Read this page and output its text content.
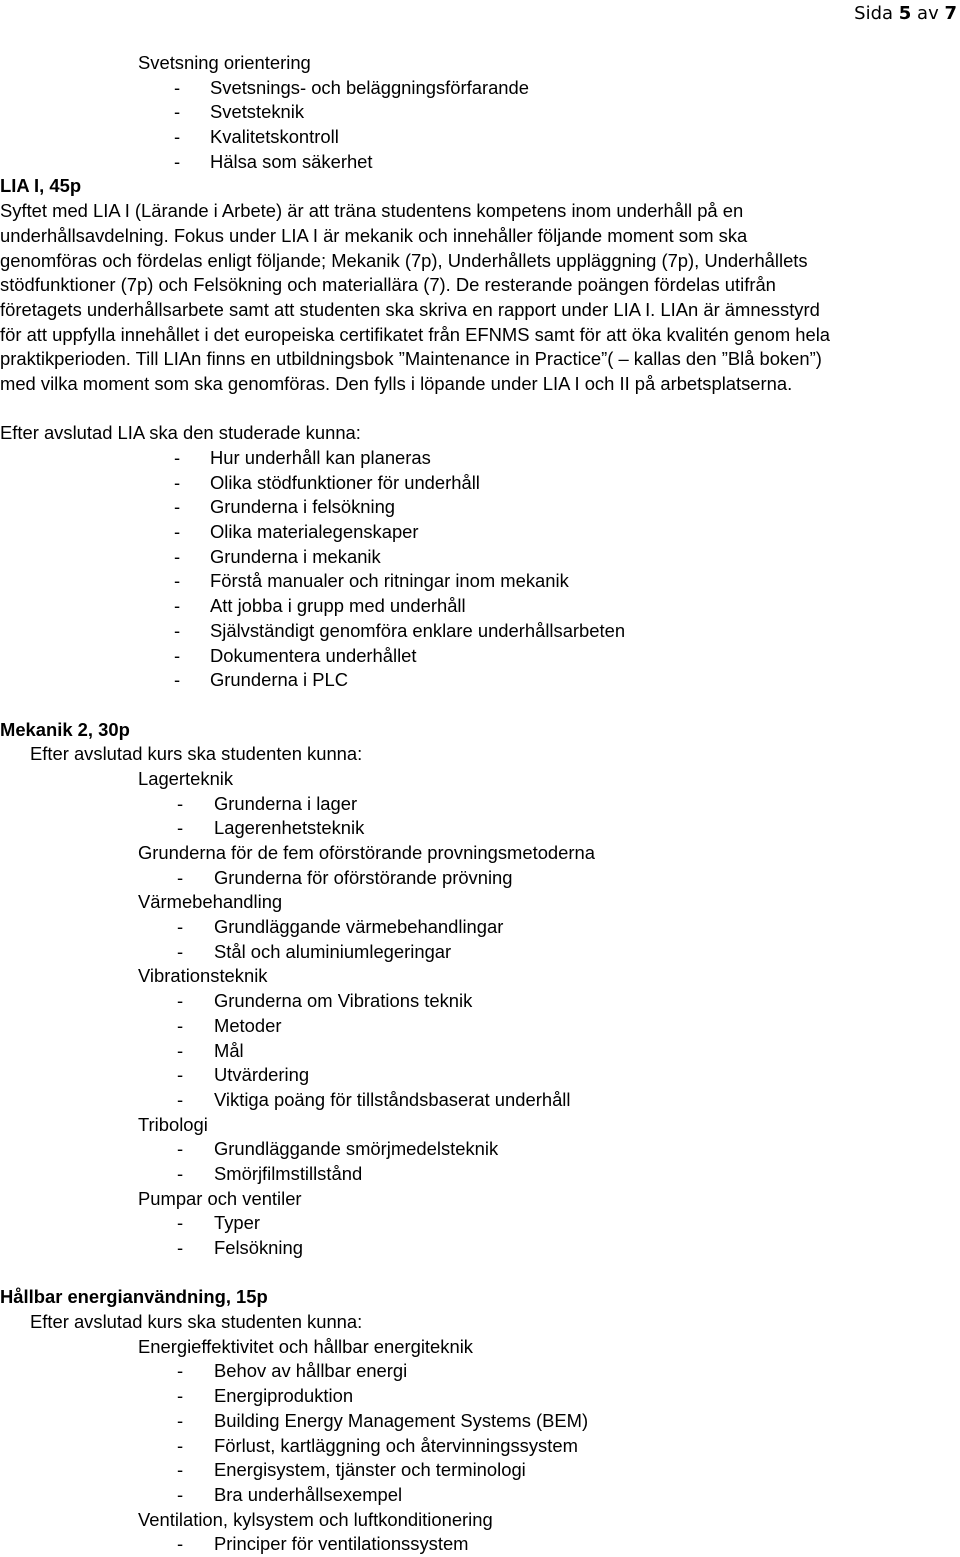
Sida 5 av 7
Svetsning orientering
- Svetsnings- och beläggningsförfarande
- Svetsteknik
- Kvalitetskontroll
- Hälsa som säkerhet
LIA I, 45p
Syftet med LIA I (Lärande i Arbete) är att träna studentens kompetens inom underhåll på en
underhållsavdelning. Fokus under LIA I är mekanik och innehåller följande moment som ska
genomföras och fördelas enligt följande; Mekanik (7p), Underhållets uppläggning (7p), Underhållets
stödfunktioner (7p) och Felsökning och materiallära (7). De resterande poängen fördelas utifrån
företagets underhållsarbete samt att studenten ska skriva en rapport under LIA I. LIAn är ämnesstyrd
för att uppfylla innehållet i det europeiska certifikatet från EFNMS samt för att öka kvalitén genom hela
praktikperioden. Till LIAn finns en utbildningsbok ”Maintenance in Practice”( – kallas den ”Blå boken”)
med vilka moment som ska genomföras. Den fylls i löpande under LIA I och II på arbetsplatserna.
Efter avslutad LIA ska den studerade kunna:
- Hur underhåll kan planeras
- Olika stödfunktioner för underhåll
- Grunderna i felsökning
- Olika materialegenskaper
- Grunderna i mekanik
- Förstå manualer och ritningar inom mekanik
- Att jobba i grupp med underhåll
- Självständigt genomföra enklare underhållsarbeten
- Dokumentera underhållet
- Grunderna i PLC
Mekanik 2, 30p
Efter avslutad kurs ska studenten kunna:
Lagerteknik
- Grunderna i lager
- Lagerenhetsteknik
Grunderna för de fem oförstörande provningsmetoderna
- Grunderna för oförstörande prövning
Värmebehandling
- Grundläggande värmebehandlingar
- Stål och aluminiumlegeringar
Vibrationsteknik
- Grunderna om Vibrations teknik
- Metoder
- Mål
- Utvärdering
- Viktiga poäng för tillståndsbaserat underhåll
Tribologi
- Grundläggande smörjmedelsteknik
- Smörjfilmstillstånd
Pumpar och ventiler
- Typer
- Felsökning
Hållbar energianvändning, 15p
Efter avslutad kurs ska studenten kunna:
Energieffektivitet och hållbar energiteknik
- Behov av hållbar energi
- Energiproduktion
- Building Energy Management Systems (BEM)
- Förlust, kartläggning och återvinningssystem
- Energisystem, tjänster och terminologi
- Bra underhållsexempel
Ventilation, kylsystem och luftkonditionering
- Principer för ventilationssystem
